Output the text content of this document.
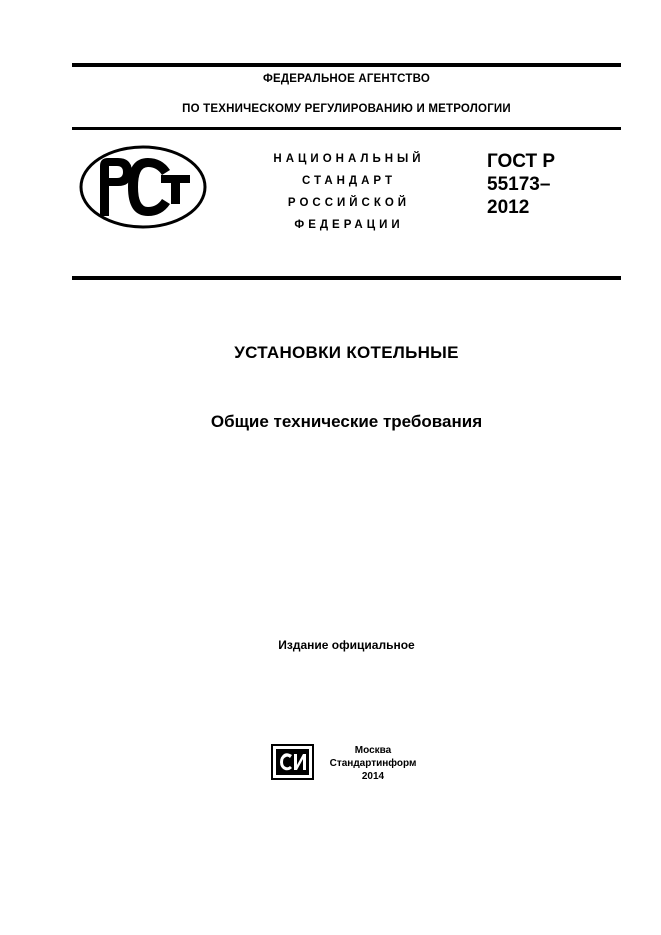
ФЕДЕРАЛЬНОЕ АГЕНТСТВО
ПО ТЕХНИЧЕСКОМУ РЕГУЛИРОВАНИЮ И МЕТРОЛОГИИ
НАЦИОНАЛЬНЫЙ
СТАНДАРТ
РОССИЙСКОЙ
ФЕДЕРАЦИИ
ГОСТ Р
55173–
2012
УСТАНОВКИ КОТЕЛЬНЫЕ
Общие технические требования
Издание официальное
Москва
Стандартинформ
2014
